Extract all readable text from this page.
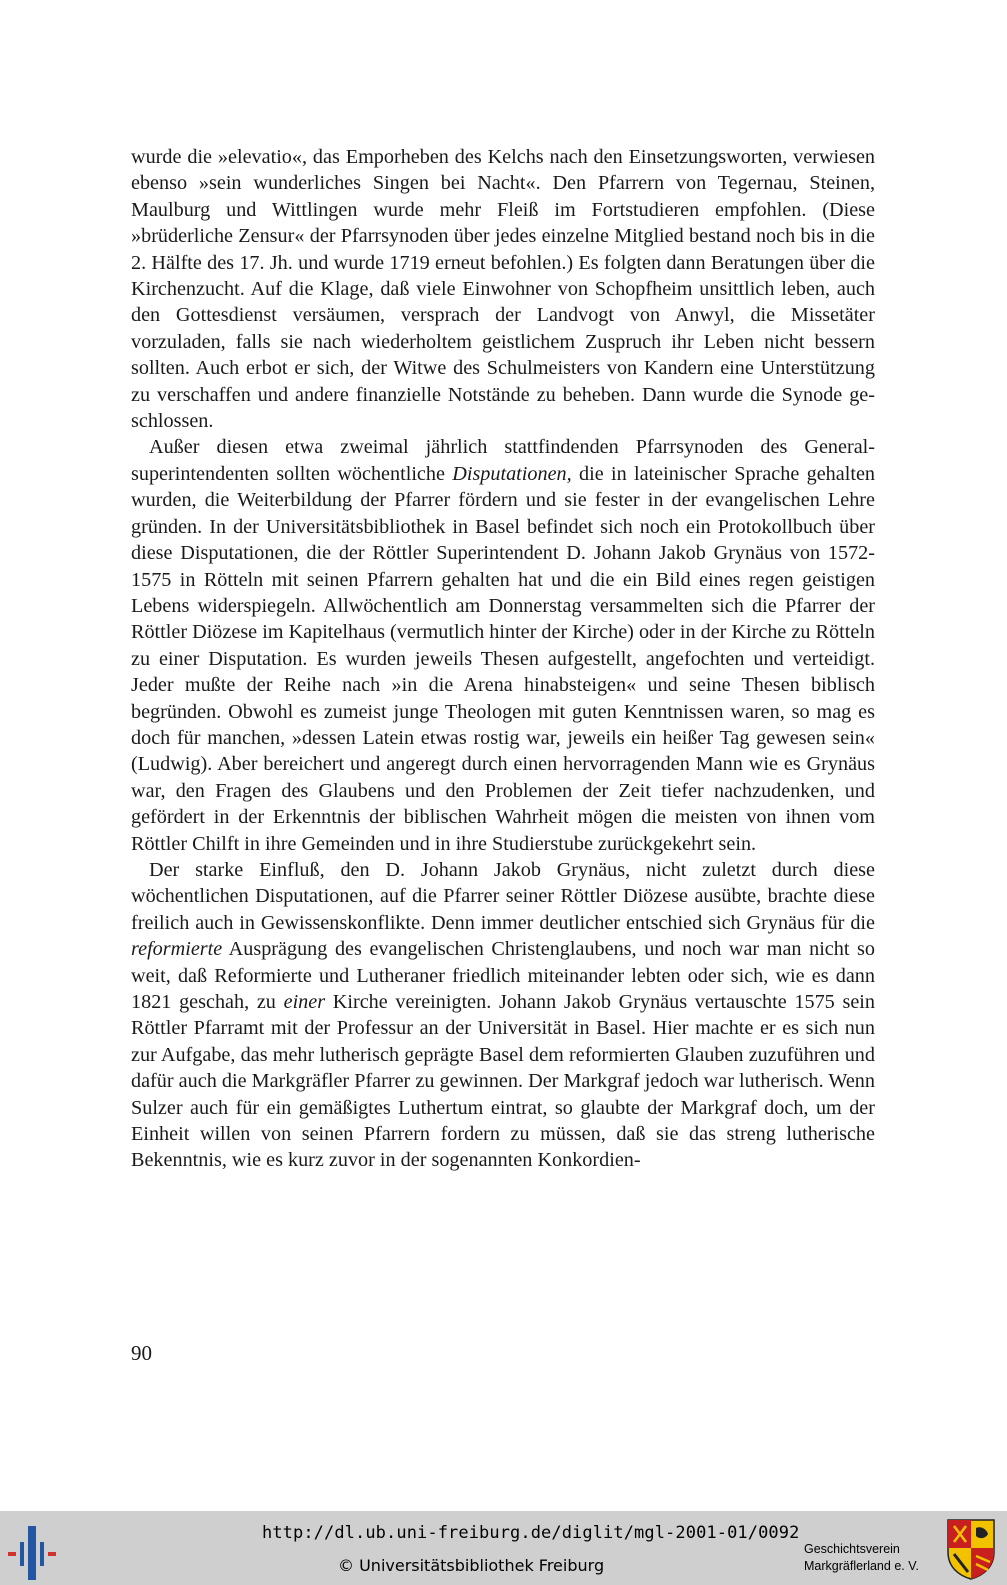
wurde die »elevatio«, das Emporheben des Kelchs nach den Einsetzungsworten, verwiesen ebenso »sein wunderliches Singen bei Nacht«. Den Pfarrern von Tegernau, Steinen, Maulburg und Wittlingen wurde mehr Fleiß im Fortstudieren empfohlen. (Diese »brüderliche Zensur« der Pfarrsynoden über jedes einzelne Mitglied bestand noch bis in die 2. Hälfte des 17. Jh. und wurde 1719 erneut befohlen.) Es folgten dann Beratungen über die Kirchenzucht. Auf die Klage, daß viele Einwohner von Schopfheim unsittlich leben, auch den Gottesdienst versäumen, versprach der Landvogt von Anwyl, die Missetäter vorzuladen, falls sie nach wiederholtem geistlichem Zuspruch ihr Leben nicht bessern sollten. Auch erbot er sich, der Witwe des Schulmeisters von Kandern eine Unterstützung zu verschaffen und andere finanzielle Notstände zu beheben. Dann wurde die Synode geschlossen.

Außer diesen etwa zweimal jährlich stattfindenden Pfarrsynoden des Generalsuperintendenten sollten wöchentliche Disputationen, die in lateinischer Sprache gehalten wurden, die Weiterbildung der Pfarrer fördern und sie fester in der evangelischen Lehre gründen. In der Universitätsbibliothek in Basel befindet sich noch ein Protokollbuch über diese Disputationen, die der Röttler Superintendent D. Johann Jakob Grynäus von 1572-1575 in Rötteln mit seinen Pfarrern gehalten hat und die ein Bild eines regen geistigen Lebens widerspiegeln. Allwöchentlich am Donnerstag versammelten sich die Pfarrer der Röttler Diözese im Kapitelhaus (vermutlich hinter der Kirche) oder in der Kirche zu Rötteln zu einer Disputation. Es wurden jeweils Thesen aufgestellt, angefochten und verteidigt. Jeder mußte der Reihe nach »in die Arena hinabsteigen« und seine Thesen biblisch begründen. Obwohl es zumeist junge Theologen mit guten Kenntnissen waren, so mag es doch für manchen, »dessen Latein etwas rostig war, jeweils ein heißer Tag gewesen sein« (Ludwig). Aber bereichert und angeregt durch einen hervorragenden Mann wie es Grynäus war, den Fragen des Glaubens und den Problemen der Zeit tiefer nachzudenken, und gefördert in der Erkenntnis der biblischen Wahrheit mögen die meisten von ihnen vom Röttler Chilft in ihre Gemeinden und in ihre Studierstube zurückgekehrt sein.

Der starke Einfluß, den D. Johann Jakob Grynäus, nicht zuletzt durch diese wöchentlichen Disputationen, auf die Pfarrer seiner Röttler Diözese ausübte, brachte diese freilich auch in Gewissenskonflikte. Denn immer deutlicher entschied sich Grynäus für die reformierte Ausprägung des evangelischen Christenglaubens, und noch war man nicht so weit, daß Reformierte und Lutheraner friedlich miteinander lebten oder sich, wie es dann 1821 geschah, zu einer Kirche vereinigten. Johann Jakob Grynäus vertauschte 1575 sein Röttler Pfarramt mit der Professur an der Universität in Basel. Hier machte er es sich nun zur Aufgabe, das mehr lutherisch geprägte Basel dem reformierten Glauben zuzuführen und dafür auch die Markgräfler Pfarrer zu gewinnen. Der Markgraf jedoch war lutherisch. Wenn Sulzer auch für ein gemäßigtes Luthertum eintrat, so glaubte der Markgraf doch, um der Einheit willen von seinen Pfarrern fordern zu müssen, daß sie das streng lutherische Bekenntnis, wie es kurz zuvor in der sogenannten Konkordien-

90
http://dl.ub.uni-freiburg.de/diglit/mgl-2001-01/0092
© Universitätsbibliothek Freiburg
Geschichtsverein
Markgräflerland e. V.
